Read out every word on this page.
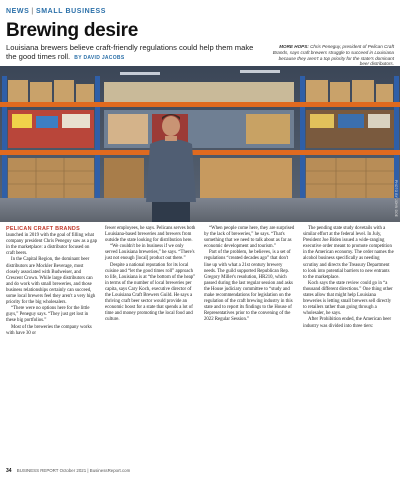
NEWS | SMALL BUSINESS
Brewing desire
Louisiana brewers believe craft-friendly regulations could help them make the good times roll. BY DAVID JACOBS
MORE HOPS: Chris Peneguy, president of Pelican Craft Brands, says craft brewers struggle to succeed in Louisiana because they aren't a top priority for the state's dominant beer distributors.
PHOTO BY JOHN DOE
PELICAN CRAFT BRANDS

launched in 2019 with the goal of filling what company president Chris Peneguy saw as a gap in the marketplace: a distributor focused on craft beers.

In the Capital Region, the dominant beer distributors are Mockler Beverage, most closely associated with Budweiser, and Crescent Crown. While large distributors can and do work with small breweries, and those business relationships certainly can succeed, some local brewers feel they aren't a very high priority for the big wholesalers.

“There were no options here for the little guys,” Peneguy says. “They just get lost in these big portfolios.”

Most of the breweries the company works with have 30 or

fewer employees, he says. Pelicans serves both Louisiana-based breweries and brewers from outside the state looking for distribution here.

“We couldn't be in business if we only served Louisiana breweries,” he says. “There's just not enough [local] product out there.”

Despite a national reputation for its local cuisine and “let the good times roll” approach to life, Louisiana is at “the bottom of the heap” in terms of the number of local breweries per capita, says Cary Koch, executive director of the Louisiana Craft Brewers Guild. He says a thriving craft beer sector would provide an economic boost for a state that spends a lot of time and money promoting the local food and culture.

“When people come here, they are surprised by the lack of breweries,” he says. “That's something that we need to talk about as far as economic development and tourism.”

Part of the problem, he believes, is a set of regulations “created decades ago” that don't line up with what a 21st century brewery needs. The guild supported Republican Rep. Gregory Miller's resolution, HR210, which passed during the last regular session and asks the House judiciary committee to “study and make recommendations for legislation on the regulation of the craft brewing industry in this state and to report its findings to the House of Representatives prior to the convening of the 2022 Regular Session.”

The pending state study dovetails with a similar effort at the federal level. In July, President Joe Biden issued a wide-ranging executive order meant to promote competition in the American economy. The order names the alcohol business specifically as needing scrutiny and directs the Treasury Department to look into potential barriers to new entrants to the marketplace.

Koch says the state review could go in “a thousand different directions.” One thing other states allow that might help Louisiana breweries is letting small brewers sell directly to retailers rather than going through a wholesaler, he says.

After Prohibition ended, the American beer industry was divided into three tiers:

34 BUSINESS REPORT October 2021 | BusinessReport.com
